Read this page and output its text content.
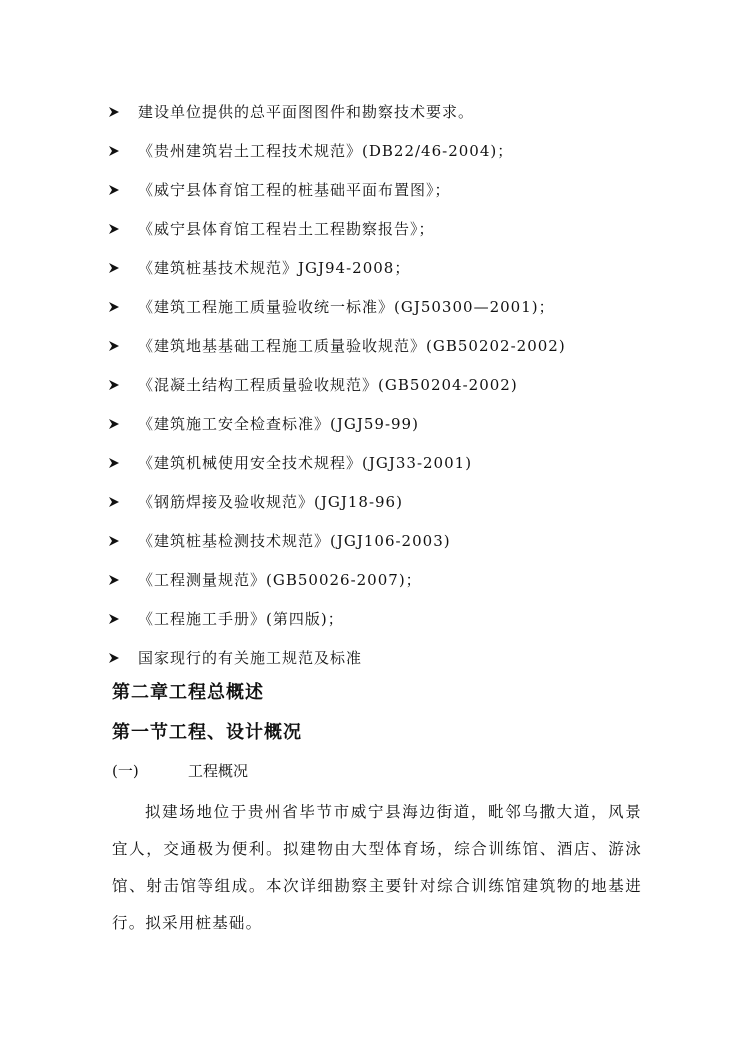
建设单位提供的总平面图图件和勘察技术要求。
《贵州建筑岩土工程技术规范》(DB22/46-2004)；
《威宁县体育馆工程的桩基础平面布置图》；
《威宁县体育馆工程岩土工程勘察报告》；
《建筑桩基技术规范》JGJ94-2008；
《建筑工程施工质量验收统一标准》(GJ50300—2001)；
《建筑地基基础工程施工质量验收规范》(GB50202-2002)
《混凝土结构工程质量验收规范》(GB50204-2002)
《建筑施工安全检查标准》(JGJ59-99)
《建筑机械使用安全技术规程》(JGJ33-2001)
《钢筋焊接及验收规范》(JGJ18-96)
《建筑桩基检测技术规范》(JGJ106-2003)
《工程测量规范》(GB50026-2007)；
《工程施工手册》(第四版)；
国家现行的有关施工规范及标准
第二章工程总概述
第一节工程、设计概况
(一)	工程概况

拟建场地位于贵州省毕节市威宁县海边街道，毗邻乌撒大道，风景宜人，交通极为便利。拟建物由大型体育场，综合训练馆、酒店、游泳馆、射击馆等组成。本次详细勘察主要针对综合训练馆建筑物的地基进行。拟采用桩基础。
